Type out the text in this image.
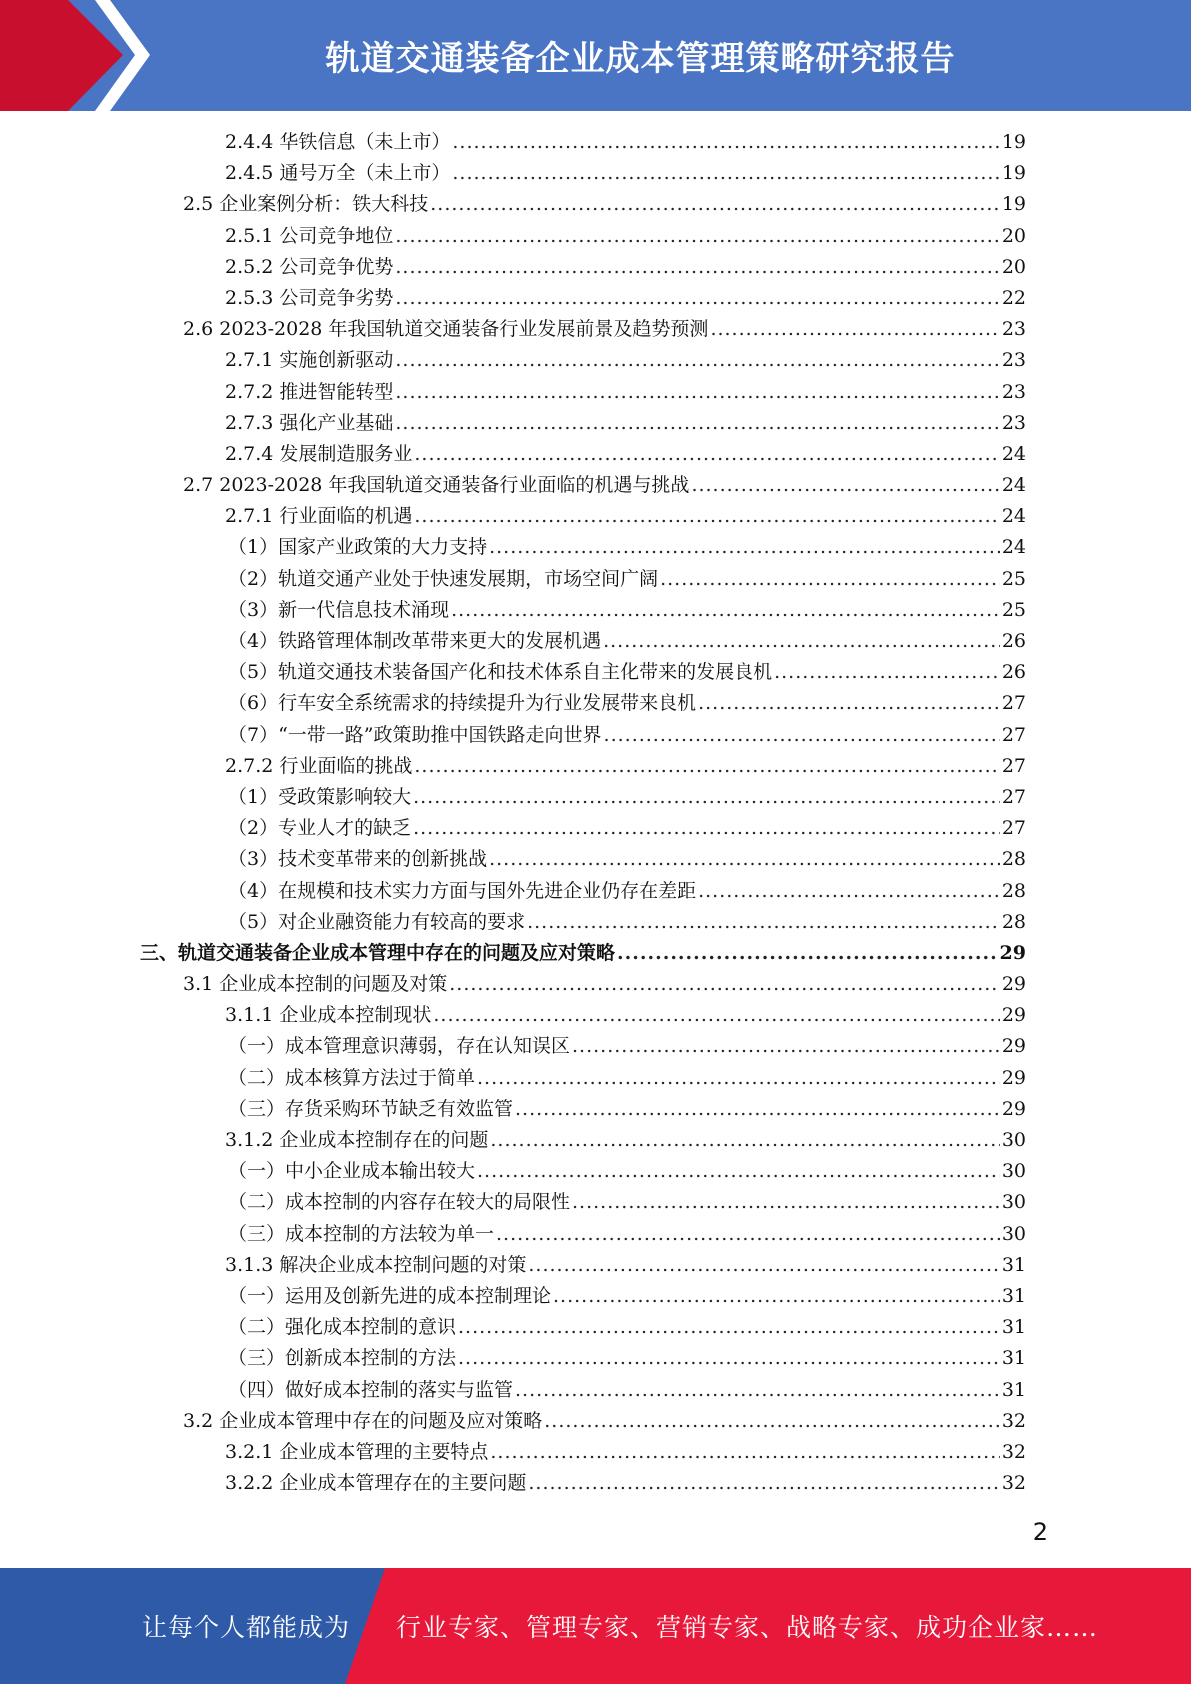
轨道交通装备企业成本管理策略研究报告
2.4.4 华铁信息（未上市） .....	19
2.4.5 通号万全（未上市） .....	19
2.5 企业案例分析：铁大科技 .....	19
2.5.1 公司竞争地位 .....	20
2.5.2 公司竞争优势 .....	20
2.5.3 公司竞争劣势 .....	22
2.6 2023-2028 年我国轨道交通装备行业发展前景及趋势预测 .....	23
2.7.1 实施创新驱动 .....	23
2.7.2 推进智能转型 .....	23
2.7.3 强化产业基础 .....	23
2.7.4 发展制造服务业 .....	24
2.7 2023-2028 年我国轨道交通装备行业面临的机遇与挑战 .....	24
2.7.1 行业面临的机遇 .....	24
（1）国家产业政策的大力支持 .....	24
（2）轨道交通产业处于快速发展期，市场空间广阔 .....	25
（3）新一代信息技术涌现 .....	25
（4）铁路管理体制改革带来更大的发展机遇 .....	26
（5）轨道交通技术装备国产化和技术体系自主化带来的发展良机 .....	26
（6）行车安全系统需求的持续提升为行业发展带来良机 .....	27
（7）“一带一路”政策助推中国铁路走向世界 .....	27
2.7.2 行业面临的挑战 .....	27
（1）受政策影响较大 .....	27
（2）专业人才的缺乏 .....	27
（3）技术变革带来的创新挑战 .....	28
（4）在规模和技术实力方面与国外先进企业仍存在差距 .....	28
（5）对企业融资能力有较高的要求 .....	28
三、轨道交通装备企业成本管理中存在的问题及应对策略 .....	29
3.1 企业成本控制的问题及对策 .....	29
3.1.1 企业成本控制现状 .....	29
（一）成本管理意识薄弱，存在认知误区 .....	29
（二）成本核算方法过于简单 .....	29
（三）存货采购环节缺乏有效监管 .....	29
3.1.2 企业成本控制存在的问题 .....	30
（一）中小企业成本输出较大 .....	30
（二）成本控制的内容存在较大的局限性 .....	30
（三）成本控制的方法较为单一 .....	30
3.1.3 解决企业成本控制问题的对策 .....	31
（一）运用及创新先进的成本控制理论 .....	31
（二）强化成本控制的意识 .....	31
（三）创新成本控制的方法 .....	31
（四）做好成本控制的落实与监管 .....	31
3.2 企业成本管理中存在的问题及应对策略 .....	32
3.2.1 企业成本管理的主要特点 .....	32
3.2.2 企业成本管理存在的主要问题 .....	32
2
让每个人都能成为 行业专家、管理专家、营销专家、战略专家、成功企业家……
